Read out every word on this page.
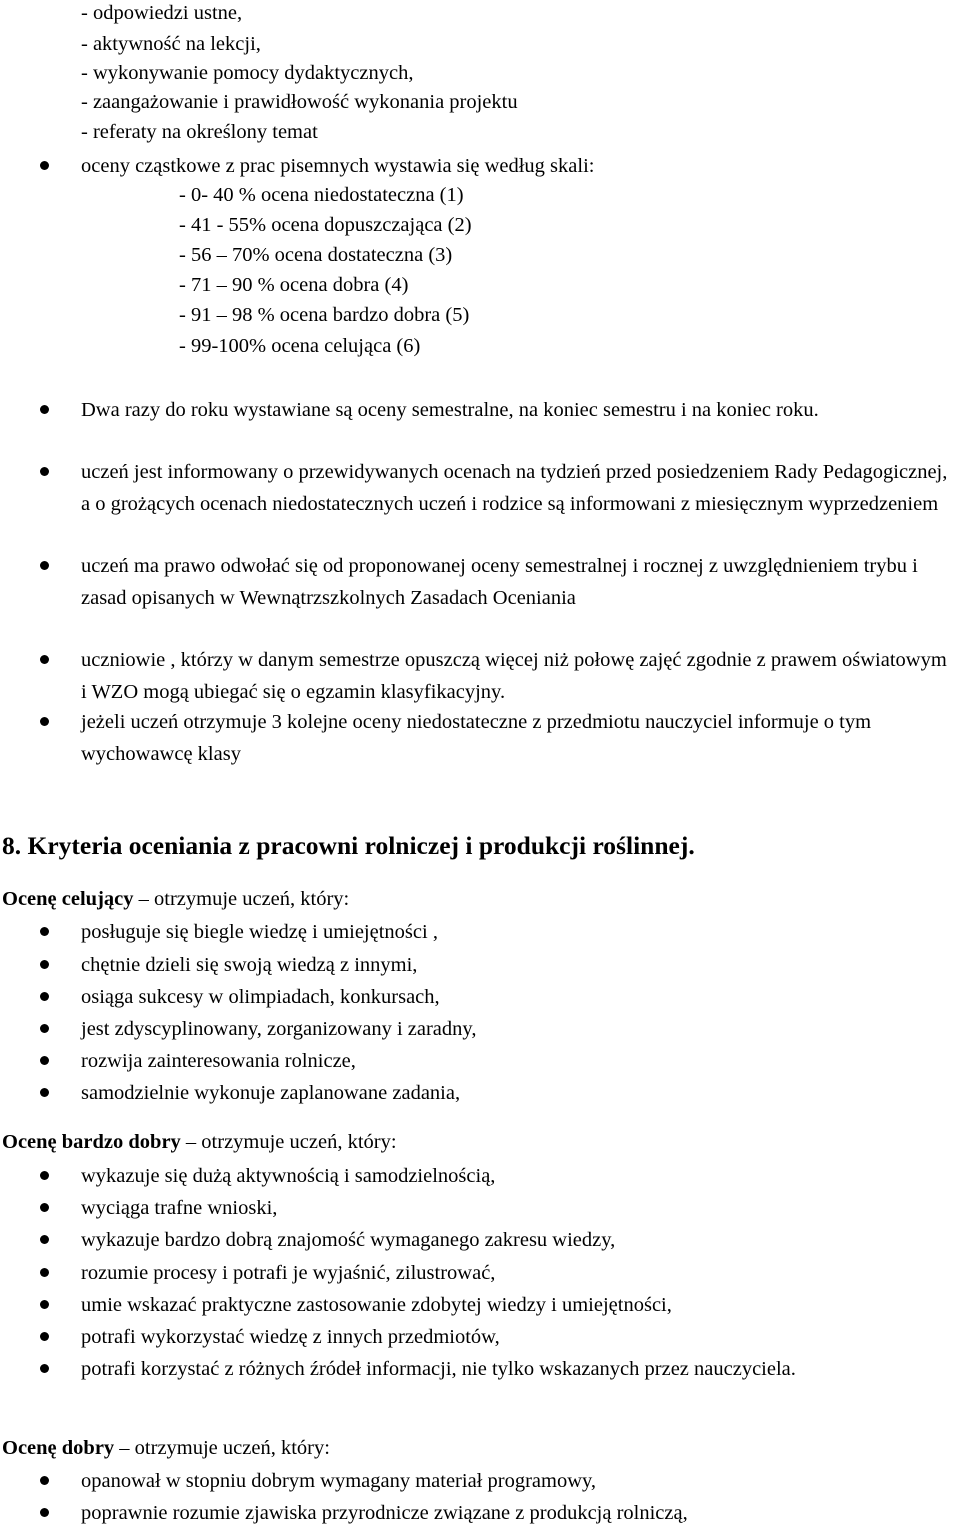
- odpowiedzi ustne,
- aktywność na lekcji,
- wykonywanie pomocy dydaktycznych,
- zaangażowanie i prawidłowość wykonania projektu
- referaty na określony temat
oceny cząstkowe z prac pisemnych wystawia się według skali:
- 0- 40 % ocena niedostateczna (1)
- 41 - 55% ocena dopuszczająca (2)
- 56 – 70% ocena dostateczna (3)
- 71 – 90 % ocena dobra (4)
- 91 – 98 % ocena bardzo dobra (5)
- 99-100% ocena celująca (6)
Dwa razy do roku wystawiane są oceny semestralne, na koniec semestru i na koniec roku.
uczeń jest informowany o przewidywanych ocenach na tydzień przed posiedzeniem Rady Pedagogicznej, a o grożących ocenach niedostatecznych uczeń i rodzice są informowani z miesięcznym wyprzedzeniem
uczeń ma prawo odwołać się od proponowanej oceny semestralnej i rocznej z uwzględnieniem trybu i zasad opisanych w Wewnątrzszkolnych Zasadach Oceniania
uczniowie , którzy w danym semestrze opuszczą więcej niż połowę zajęć zgodnie z prawem oświatowym i WZO mogą ubiegać się o egzamin klasyfikacyjny.
jeżeli uczeń otrzymuje 3 kolejne oceny niedostateczne z przedmiotu nauczyciel informuje o tym wychowawcę klasy
8. Kryteria oceniania z pracowni rolniczej i produkcji roślinnej.
Ocenę celujący – otrzymuje uczeń, który:
posługuje się biegle wiedzę i umiejętności ,
chętnie dzieli się swoją wiedzą z innymi,
osiąga sukcesy w olimpiadach, konkursach,
jest zdyscyplinowany, zorganizowany i zaradny,
rozwija zainteresowania rolnicze,
samodzielnie wykonuje zaplanowane zadania,
Ocenę bardzo dobry – otrzymuje uczeń, który:
wykazuje się dużą aktywnością i samodzielnością,
wyciąga trafne wnioski,
wykazuje bardzo dobrą znajomość wymaganego zakresu wiedzy,
rozumie procesy i potrafi je wyjaśnić, zilustrować,
umie wskazać praktyczne zastosowanie zdobytej wiedzy i umiejętności,
potrafi wykorzystać wiedzę z innych przedmiotów,
potrafi korzystać z różnych źródeł informacji, nie tylko wskazanych przez nauczyciela.
Ocenę dobry – otrzymuje uczeń, który:
opanował w stopniu dobrym wymagany materiał programowy,
poprawnie rozumie zjawiska przyrodnicze związane z produkcją rolniczą,
